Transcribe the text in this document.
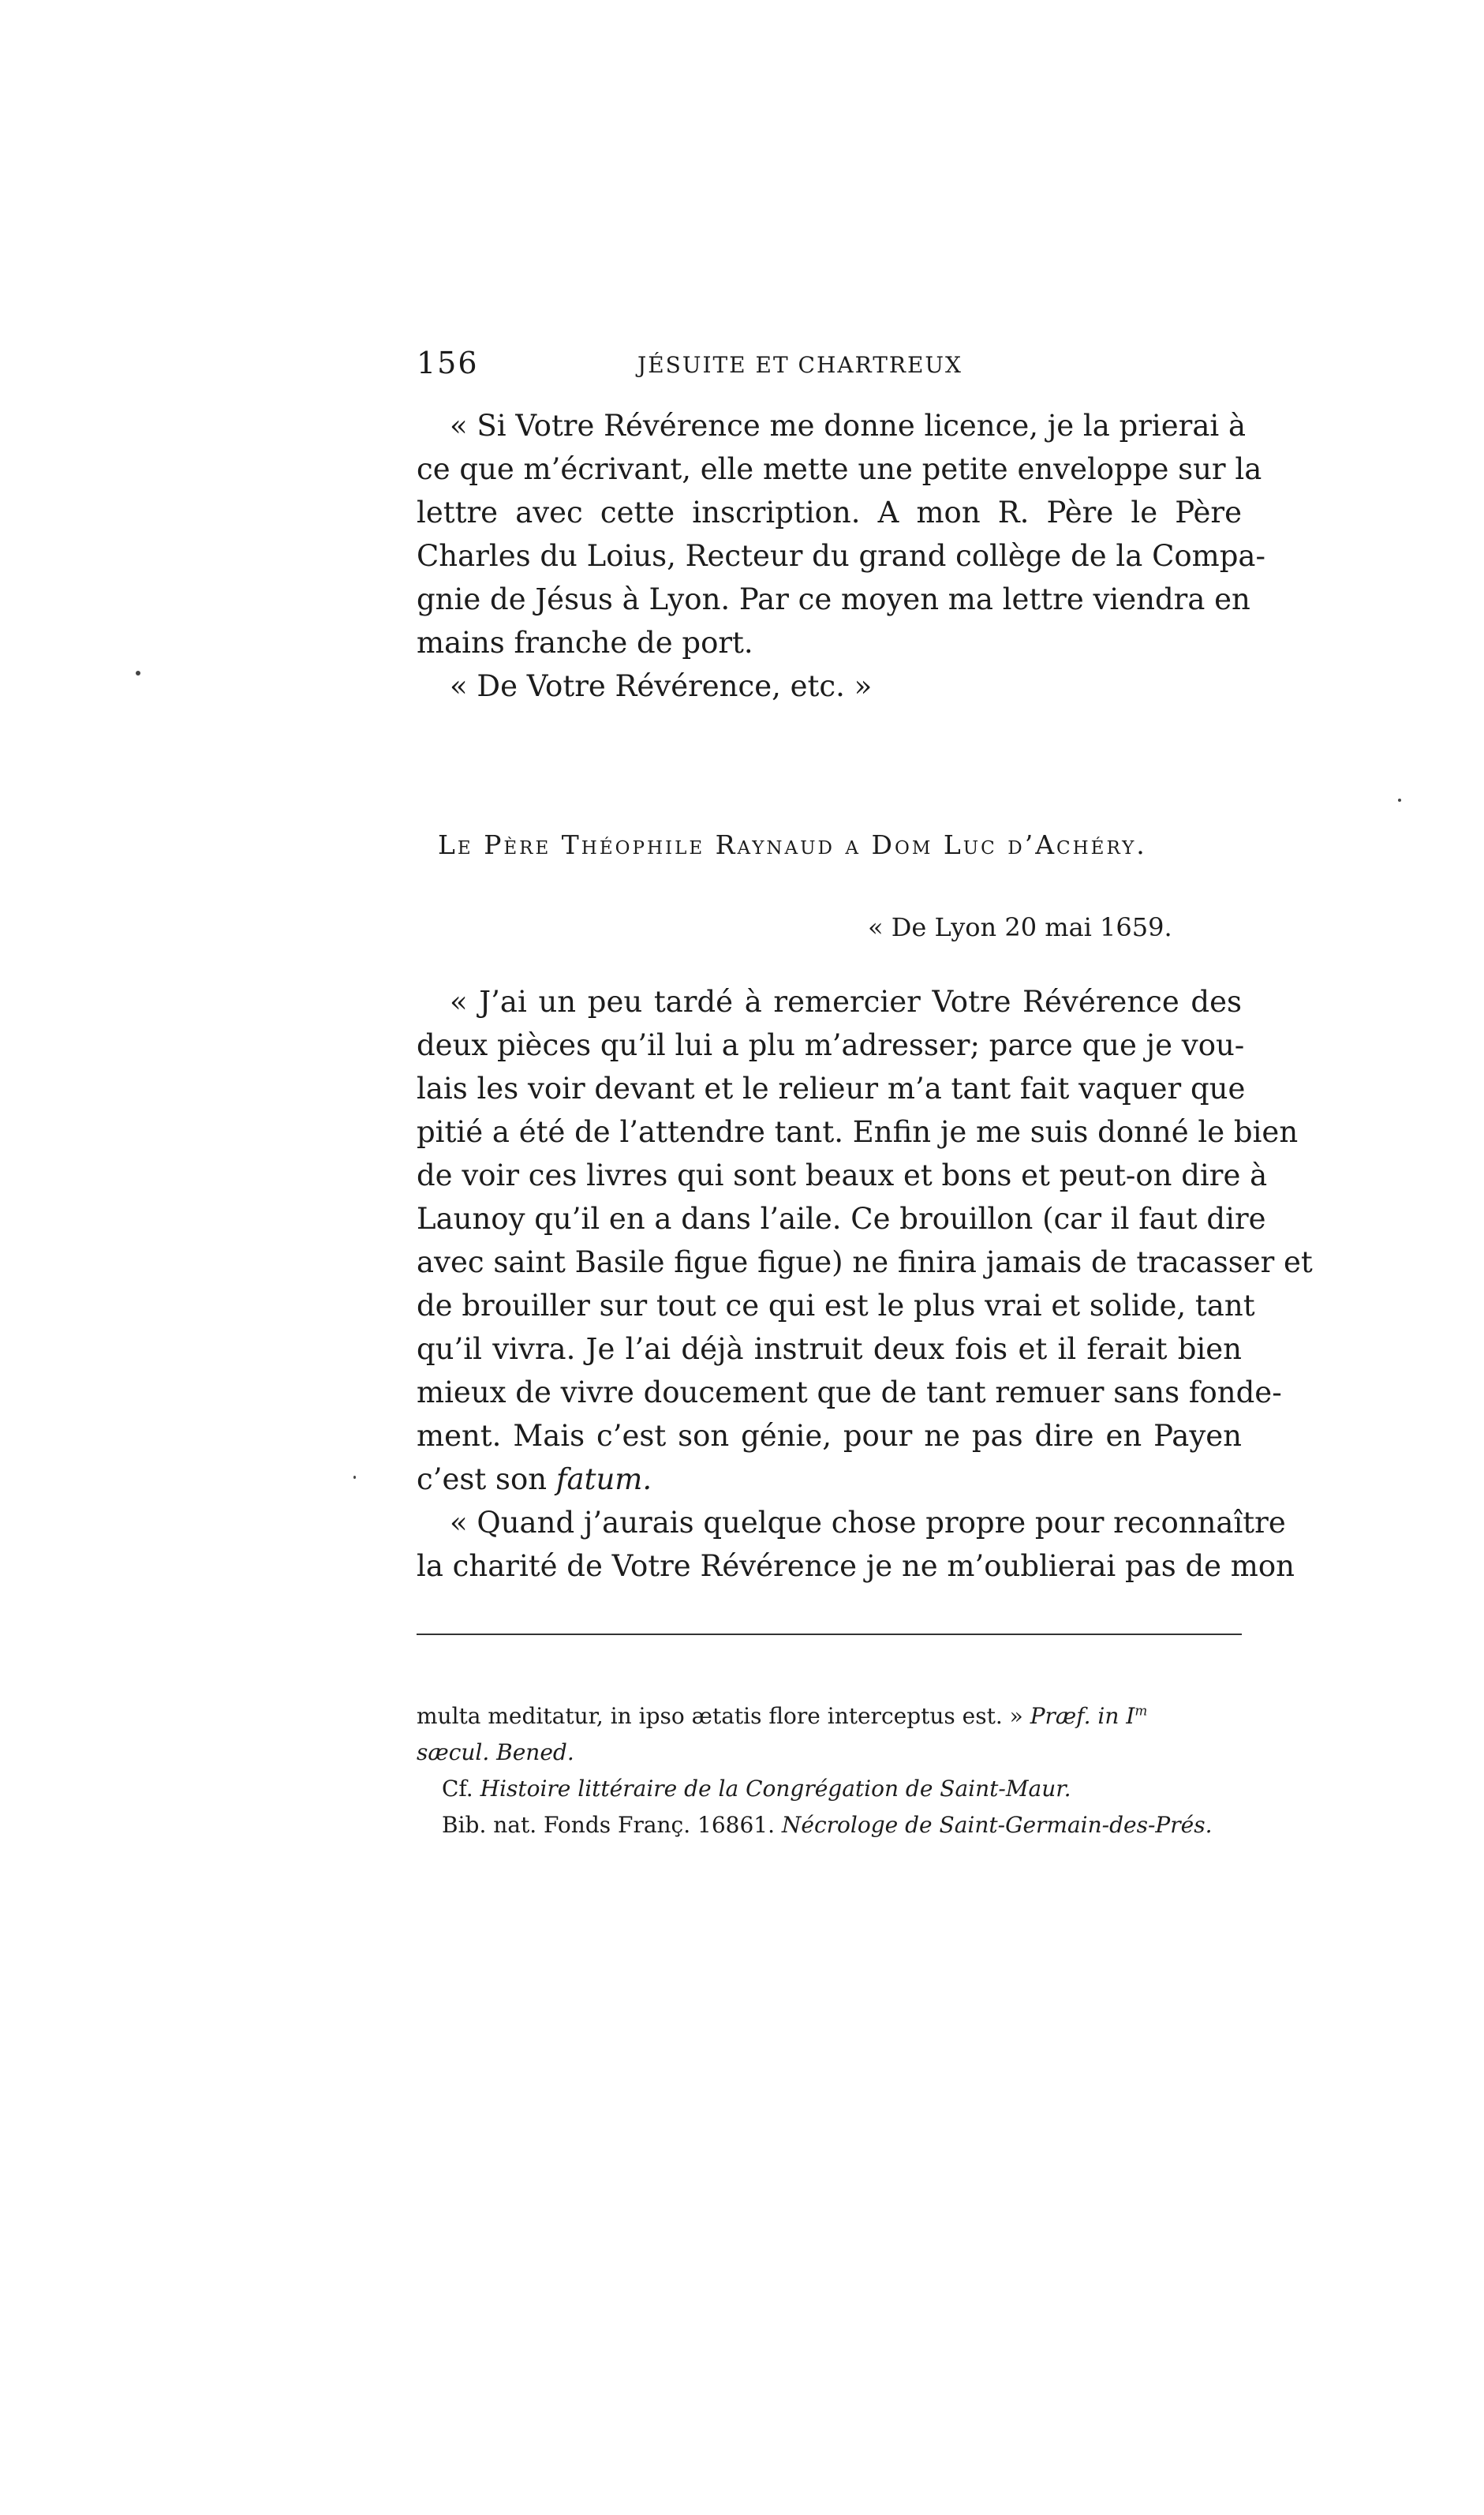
156	JÉSUITE ET CHARTREUX
« Si Votre Révérence me donne licence, je la prierai à
ce que m’écrivant, elle mette une petite enveloppe sur la
lettre avec cette inscription. A mon R. Père le Père
Charles du Loius, Recteur du grand collège de la Compa-
gnie de Jésus à Lyon. Par ce moyen ma lettre viendra en
mains franche de port.
« De Votre Révérence, etc. »
Le Père Théophile Raynaud a Dom Luc d’Achéry.
« De Lyon 20 mai 1659.
« J’ai un peu tardé à remercier Votre Révérence des
deux pièces qu’il lui a plu m’adresser; parce que je vou-
lais les voir devant et le relieur m’a tant fait vaquer que
pitié a été de l’attendre tant. Enfin je me suis donné le bien
de voir ces livres qui sont beaux et bons et peut-on dire à
Launoy qu’il en a dans l’aile. Ce brouillon (car il faut dire
avec saint Basile figue figue) ne finira jamais de tracasser et
de brouiller sur tout ce qui est le plus vrai et solide, tant
qu’il vivra. Je l’ai déjà instruit deux fois et il ferait bien
mieux de vivre doucement que de tant remuer sans fonde-
ment. Mais c’est son génie, pour ne pas dire en Payen
c’est son fatum.
« Quand j’aurais quelque chose propre pour reconnaître
la charité de Votre Révérence je ne m’oublierai pas de mon
multa meditatur, in ipso ætatis flore interceptus est. » Præf. in $I^m$
sæcul. Bened.
Cf. Histoire littéraire de la Congrégation de Saint-Maur.
Bib. nat. Fonds Franç. 16861. Nécrologe de Saint-Germain-des-Prés.
